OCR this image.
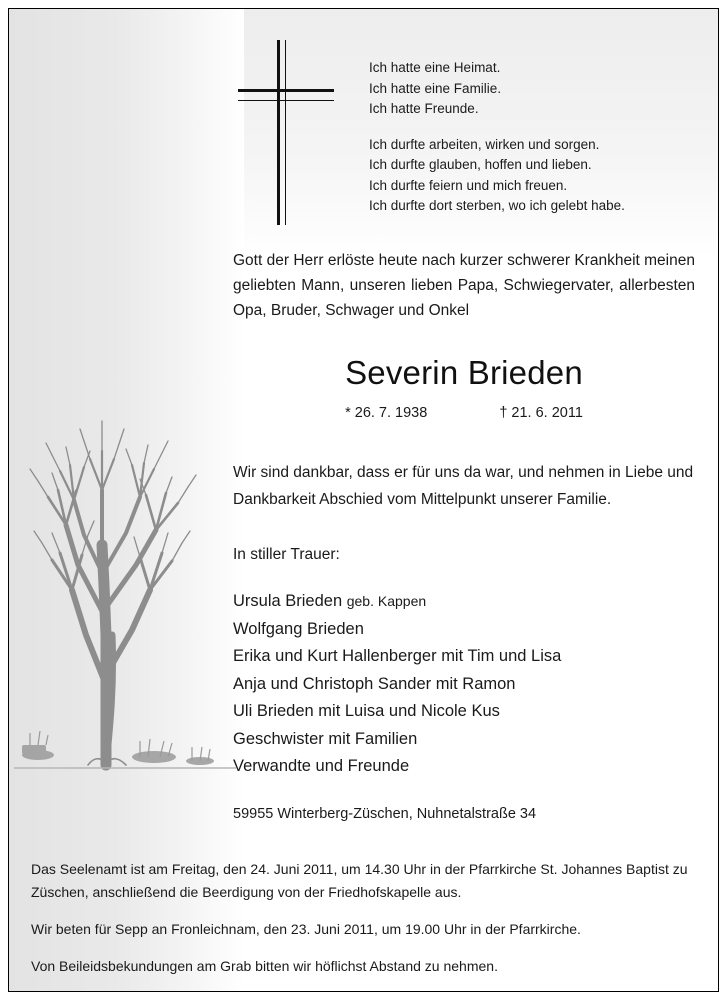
Ich hatte eine Heimat.
Ich hatte eine Familie.
Ich hatte Freunde.
Ich durfte arbeiten, wirken und sorgen.
Ich durfte glauben, hoffen und lieben.
Ich durfte feiern und mich freuen.
Ich durfte dort sterben, wo ich gelebt habe.
Gott der Herr erlöste heute nach kurzer schwerer Krankheit meinen geliebten Mann, unseren lieben Papa, Schwiegervater, allerbesten Opa, Bruder, Schwager und Onkel
Severin Brieden
* 26. 7. 1938	† 21. 6. 2011
Wir sind dankbar, dass er für uns da war, und nehmen in Liebe und Dankbarkeit Abschied vom Mittelpunkt unserer Familie.
In stiller Trauer:
Ursula Brieden geb. Kappen
Wolfgang Brieden
Erika und Kurt Hallenberger mit Tim und Lisa
Anja und Christoph Sander mit Ramon
Uli Brieden mit Luisa und Nicole Kus
Geschwister mit Familien
Verwandte und Freunde
59955 Winterberg-Züschen, Nuhnetalstraße 34

Das Seelenamt ist am Freitag, den 24. Juni 2011, um 14.30 Uhr in der Pfarrkirche St. Johannes Baptist zu Züschen, anschließend die Beerdigung von der Friedhofskapelle aus.

Wir beten für Sepp an Fronleichnam, den 23. Juni 2011, um 19.00 Uhr in der Pfarrkirche.

Von Beileidsbekundungen am Grab bitten wir höflichst Abstand zu nehmen.
